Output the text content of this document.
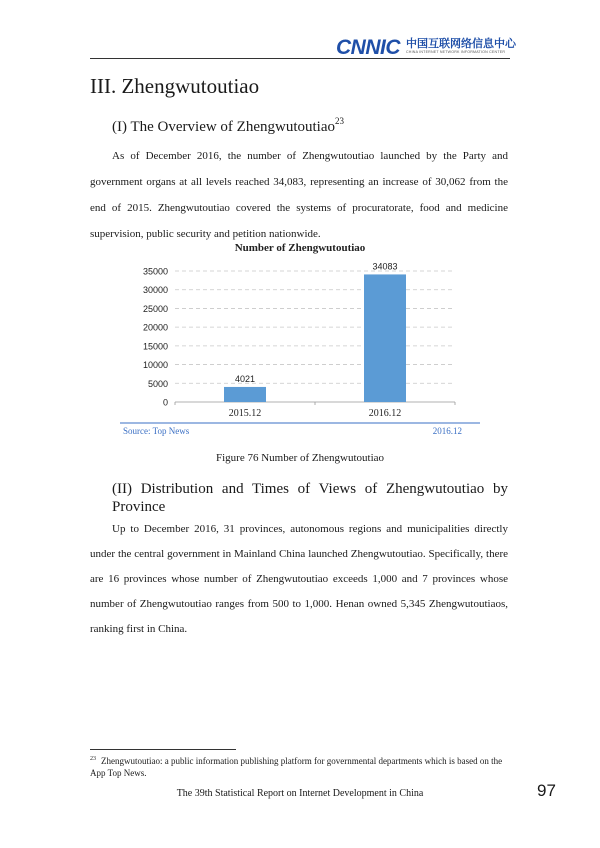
CNNIC 中国互联网络信息中心
CHINA INTERNET NETWORK INFORMATION CENTER
III. Zhengwutoutiao
(I) The Overview of Zhengwutoutiao$^{23}$

As of December 2016, the number of Zhengwutoutiao launched by the Party and government organs at all levels reached 34,083, representing an increase of 30,062 from the end of 2015. Zhengwutoutiao covered the systems of procuratorate, food and medicine supervision, public security and petition nationwide.

Number of Zhengwutoutiao
0
5000
10000
15000
20000
25000
30000
35000
4021
2015.12
34083
2016.12
Source: Top News	2016.12
Figure 76 Number of Zhengwutoutiao
(II) Distribution and Times of Views of Zhengwutoutiao by Province

Up to December 2016, 31 provinces, autonomous regions and municipalities directly under the central government in Mainland China launched Zhengwutoutiao. Specifically, there are 16 provinces whose number of Zhengwutoutiao exceeds 1,000 and 7 provinces whose number of Zhengwutoutiao ranges from 500 to 1,000. Henan owned 5,345 Zhengwutoutiaos, ranking first in China.

$^{23}$ Zhengwutoutiao: a public information publishing platform for governmental departments which is based on the App Top News.
The 39th Statistical Report on Internet Development in China	97
